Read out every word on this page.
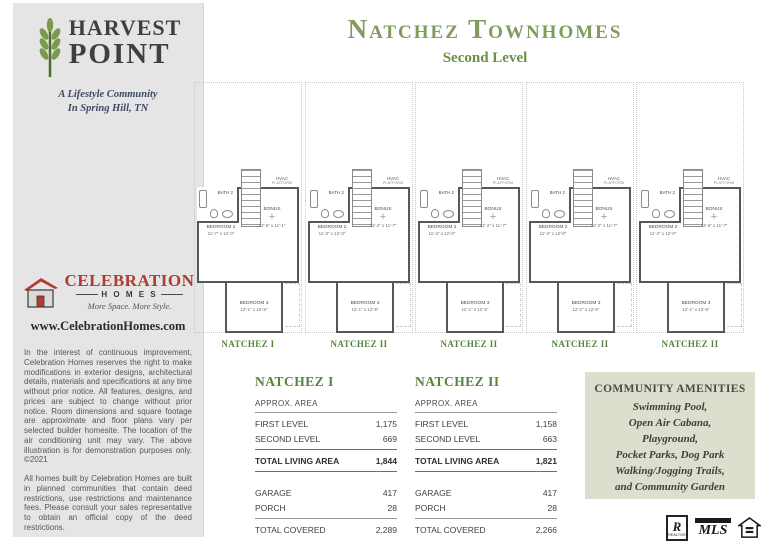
HARVEST
POINT
A Lifestyle Community
In Spring Hill, TN
CELEBRATION
H O M E S
More Space. More Style.
www.CelebrationHomes.com

In the interest of continuous improvement, Celebration Homes reserves the right to make modifications in exterior designs, architectural details, materials and specifications at any time without prior notice. All features, designs, and prices are subject to change without prior notice. Room dimensions and square footage are approximate and floor plans vary per selected builder homesite. The location of the air conditioning unit may vary. The above illustration is for demonstration purposes only. ©2021

All homes built by Celebration Homes are built in planned communities that contain deed restrictions, use restrictions and maintenance fees. Please consult your sales representative to obtain an official copy of the deed restrictions.

Natchez Townhomes
Second Level
HVAC
PLATFORM
BATH 2
BEDROOM 2
11'-7" x 12'-0"
BONUS
+
12'-6" x 11'-1"
BEDROOM 3
12'-1" x 10'-5"
NATCHEZ I
HVAC
PLATFORM
BATH 2
BEDROOM 2
11'-3" x 12'-0"
BONUS
+
12'-2" x 11'-7"
BEDROOM 3
12'-1" x 12'-5"
NATCHEZ II
HVAC
PLATFORM
BATH 2
BEDROOM 2
11'-3" x 12'-0"
BONUS
+
12'-2" x 11'-7"
BEDROOM 3
12'-1" x 12'-5"
NATCHEZ II
HVAC
PLATFORM
BATH 2
BEDROOM 2
11'-3" x 12'-0"
BONUS
+
12'-2" x 11'-7"
BEDROOM 3
12'-1" x 12'-5"
NATCHEZ II
HVAC
PLATFORM
BATH 2
BEDROOM 2
11'-3" x 12'-0"
BONUS
+
12'-6" x 11'-7"
BEDROOM 3
12'-1" x 12'-5"
NATCHEZ II
NATCHEZ I
APPROX. AREA
FIRST LEVEL	1,175
SECOND LEVEL	669
TOTAL LIVING AREA	1,844
GARAGE	417
PORCH	28
TOTAL COVERED	2,289
NATCHEZ II
APPROX. AREA
FIRST LEVEL	1,158
SECOND LEVEL	663
TOTAL LIVING AREA	1,821
GARAGE	417
PORCH	28
TOTAL COVERED	2,266
COMMUNITY AMENITIES
Swimming Pool,
Open Air Cabana,
Playground,
Pocket Parks, Dog Park
Walking/Jogging Trails,
and Community Garden
R
REALTOR MLS
